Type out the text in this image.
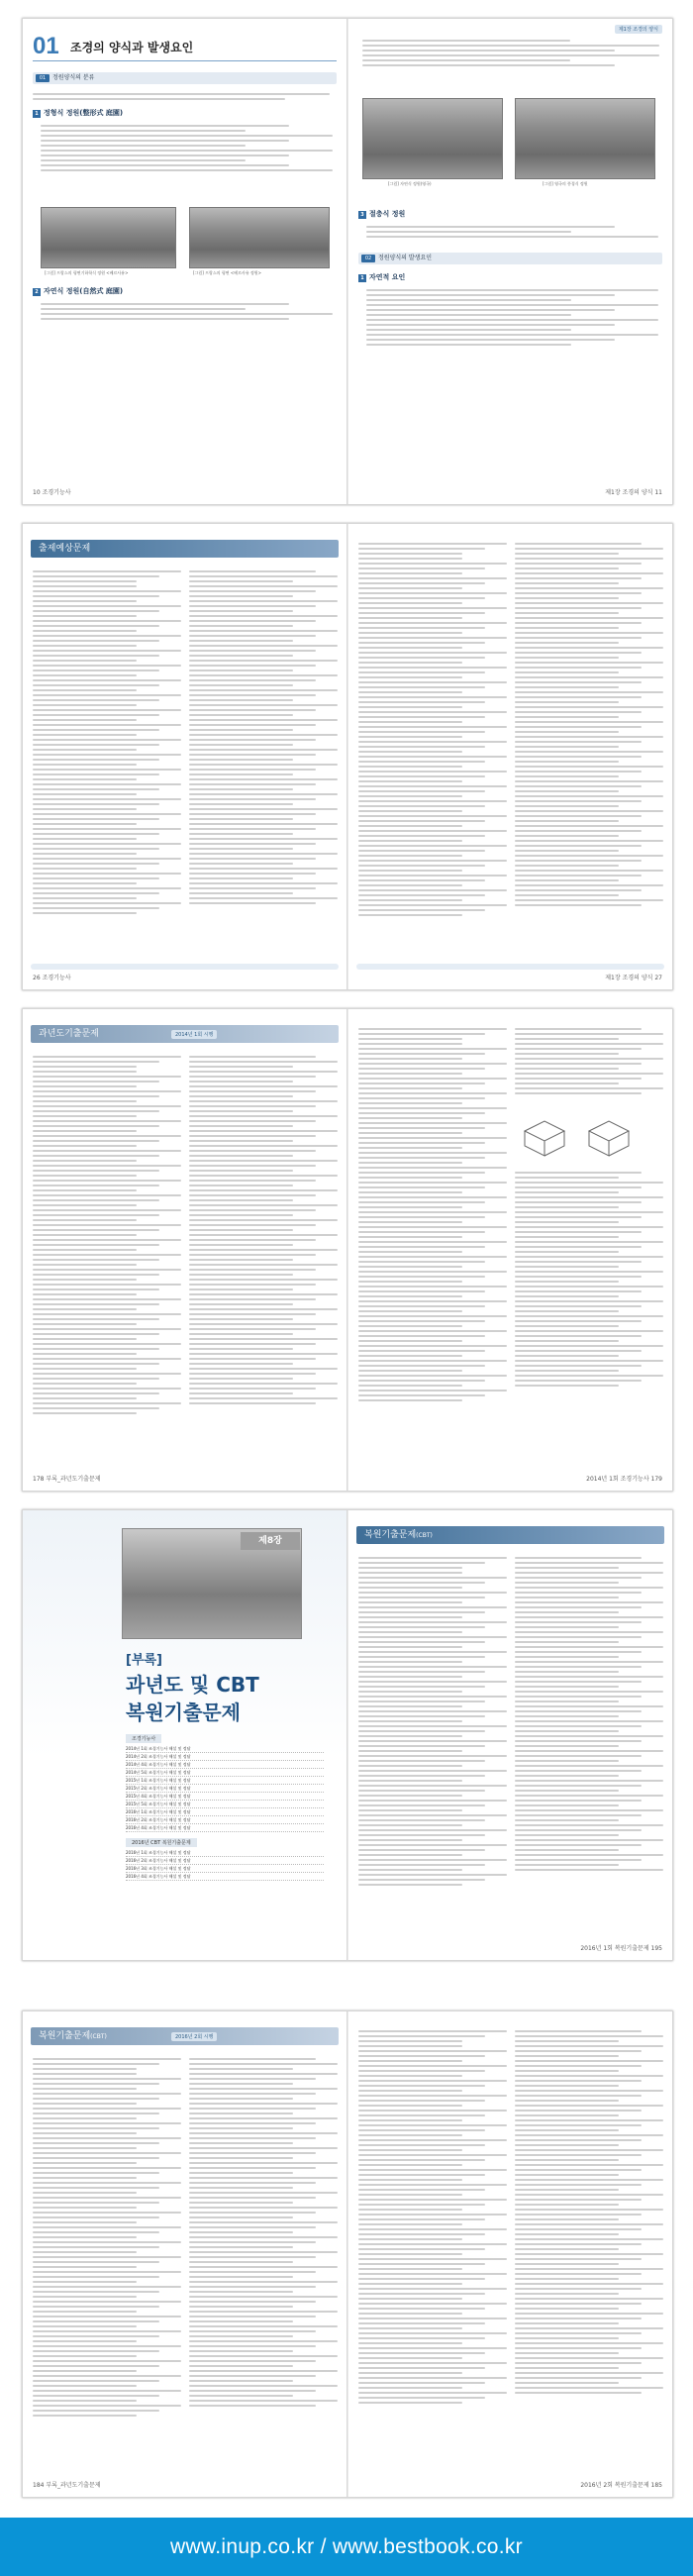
01 조경의 양식과 발생요인
01	정원양식의 분류
1 정형식 정원(整形式 庭園)
[그림] 프랑스의 평면기하학식 정원 <베르사유>	[그림] 프랑스의 평면 <베르사유 정원>
2 자연식 정원(自然式 庭園)
10 조경기능사
제1장 조경의 양식
[그림] 자연식 정원(영국)	[그림] 영국의 풍경식 정원
3 절충식 정원
02	정원양식의 발생요인
1 자연적 요인
제1장 조경의 양식 11
출제예상문제
26 조경기능사	제1장 조경의 양식 27
과년도기출문제	2014년 1회 시행
178 부록_과년도기출문제	2014년 1회 조경기능사 179
제8장
[부록]
과년도 및 CBT
복원기출문제
조경기능사
2014년 1회 조경기능사 해설 및 정답
2014년 2회 조경기능사 해설 및 정답
2014년 4회 조경기능사 해설 및 정답
2014년 5회 조경기능사 해설 및 정답
2015년 1회 조경기능사 해설 및 정답
2015년 2회 조경기능사 해설 및 정답
2015년 4회 조경기능사 해설 및 정답
2015년 5회 조경기능사 해설 및 정답
2016년 1회 조경기능사 해설 및 정답
2016년 2회 조경기능사 해설 및 정답
2016년 4회 조경기능사 해설 및 정답
2016년 CBT 복원기출문제
2016년 1회 조경기능사 해설 및 정답
2016년 2회 조경기능사 해설 및 정답
2016년 3회 조경기능사 해설 및 정답
2016년 4회 조경기능사 해설 및 정답
복원기출문제(CBT)
2016년 1회 복원기출문제 195
복원기출문제(CBT)	2016년 2회 시행
184 부록_과년도기출문제	2016년 2회 복원기출문제 185
www.inup.co.kr / www.bestbook.co.kr
